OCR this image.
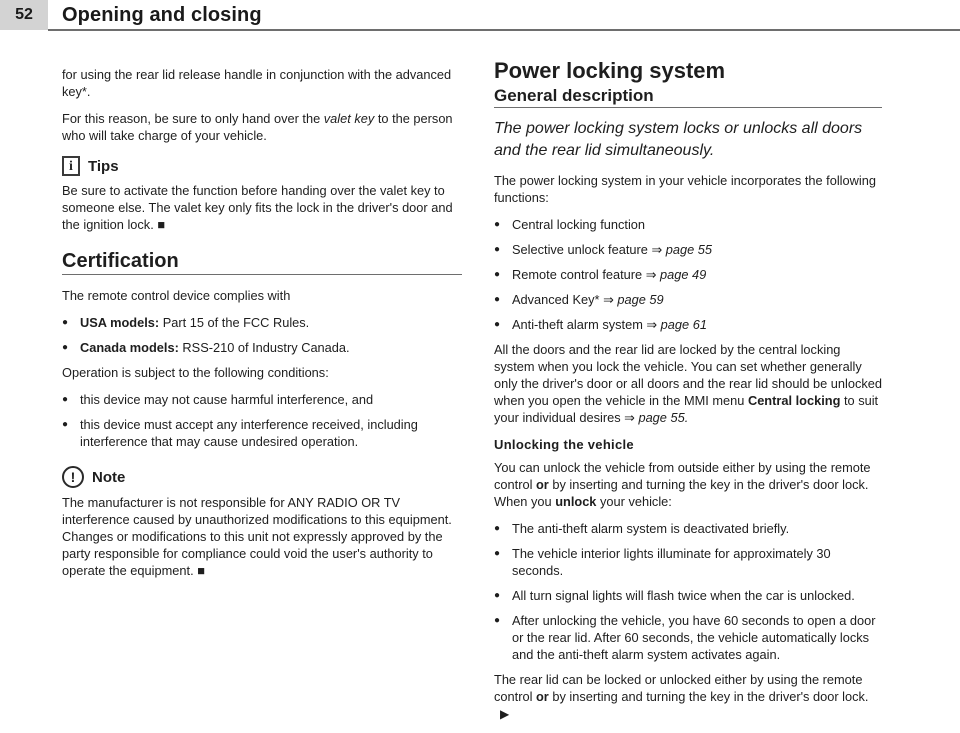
52	Opening and closing

for using the rear lid release handle in conjunction with the advanced key*.

For this reason, be sure to only hand over the valet key to the person who will take charge of your vehicle.

i	Tips

Be sure to activate the function before handing over the valet key to someone else. The valet key only fits the lock in the driver's door and the ignition lock. ■

Certification

The remote control device complies with

● USA models: Part 15 of the FCC Rules.
● Canada models: RSS-210 of Industry Canada.

Operation is subject to the following conditions:

● this device may not cause harmful interference, and
● this device must accept any interference received, including interference that may cause undesired operation.
!	Note

The manufacturer is not responsible for ANY RADIO OR TV interference caused by unauthorized modifications to this equipment. Changes or modifications to this unit not expressly approved by the party responsible for compliance could void the user's authority to operate the equipment. ■

Power locking system
General description

The power locking system locks or unlocks all doors and the rear lid simultaneously.

The power locking system in your vehicle incorporates the following functions:

● Central locking function
● Selective unlock feature ⇒ page 55
● Remote control feature ⇒ page 49
● Advanced Key* ⇒ page 59
● Anti-theft alarm system ⇒ page 61

All the doors and the rear lid are locked by the central locking system when you lock the vehicle. You can set whether generally only the driver's door or all doors and the rear lid should be unlocked when you open the vehicle in the MMI menu Central locking to suit your individual desires ⇒ page 55.

Unlocking the vehicle

You can unlock the vehicle from outside either by using the remote control or by inserting and turning the key in the driver's door lock. When you unlock your vehicle:

● The anti-theft alarm system is deactivated briefly.
● The vehicle interior lights illuminate for approximately 30 seconds.
● All turn signal lights will flash twice when the car is unlocked.
● After unlocking the vehicle, you have 60 seconds to open a door or the rear lid. After 60 seconds, the vehicle automatically locks and the anti-theft alarm system activates again.

The rear lid can be locked or unlocked either by using the remote control or by inserting and turning the key in the driver's door lock.▶
